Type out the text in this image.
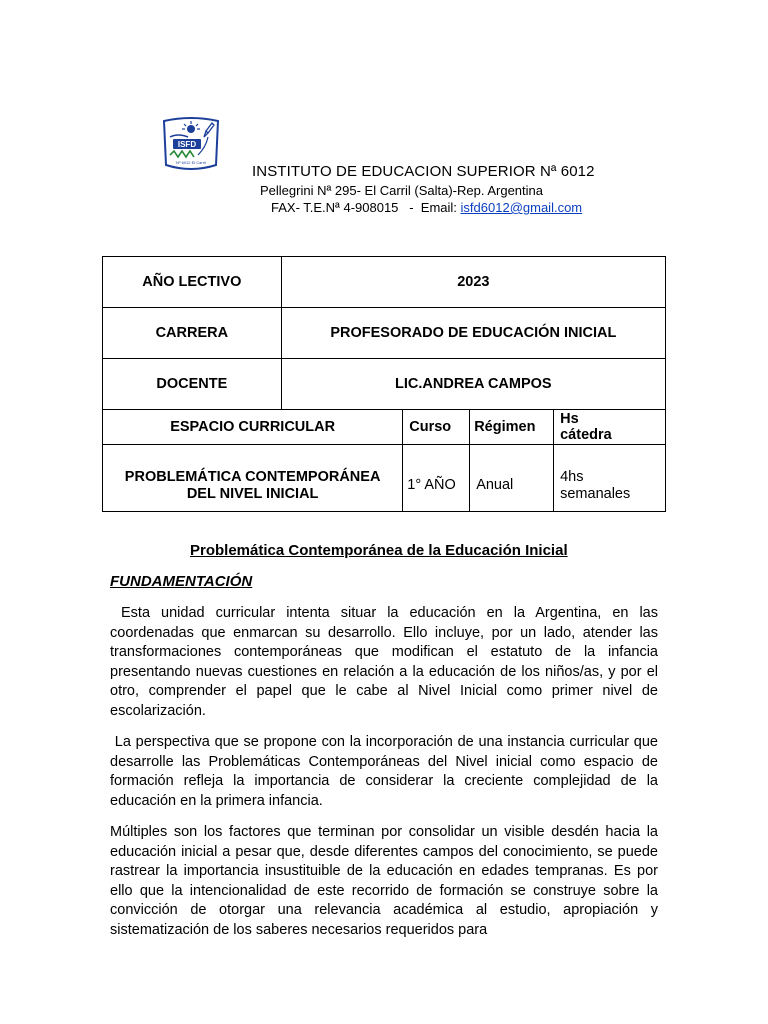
ISFD
Nº 6012 El Carril
INSTITUTO DE EDUCACION SUPERIOR Nª 6012
Pellegrini Nª 295- El Carril (Salta)-Rep. Argentina
FAX- T.E.Nª 4-908015   -  Email: isfd6012@gmail.com
AÑO LECTIVO	2023			
CARRERA	PROFESORADO DE EDUCACIÓN INICIAL			
DOCENTE	LIC.ANDREA CAMPOS			

ESPACIO CURRICULAR		Curso	Régimen	Hs
cátedra

PROBLEMÁTICA CONTEMPORÁNEA DEL NIVEL INICIAL		1° AÑO	Anual	4hs
semanales
Problemática Contemporánea de la Educación Inicial
FUNDAMENTACIÓN

Esta unidad curricular intenta situar la educación en la Argentina, en las coordenadas que enmarcan su desarrollo. Ello incluye, por un lado, atender las transformaciones contemporáneas que modifican el estatuto de la infancia presentando nuevas cuestiones en relación a la educación de los niños/as, y por el otro, comprender el papel que le cabe al Nivel Inicial como primer nivel de escolarización.

La perspectiva que se propone con la incorporación de una instancia curricular que desarrolle las Problemáticas Contemporáneas del Nivel inicial como espacio de formación refleja la importancia de considerar la creciente complejidad de la educación en la primera infancia.

Múltiples son los factores que terminan por consolidar un visible desdén hacia la educación inicial a pesar que, desde diferentes campos del conocimiento, se puede rastrear la importancia insustituible de la educación en edades tempranas. Es por ello que la intencionalidad de este recorrido de formación se construye sobre la convicción de otorgar una relevancia académica al estudio, apropiación y sistematización de los saberes necesarios requeridos para
